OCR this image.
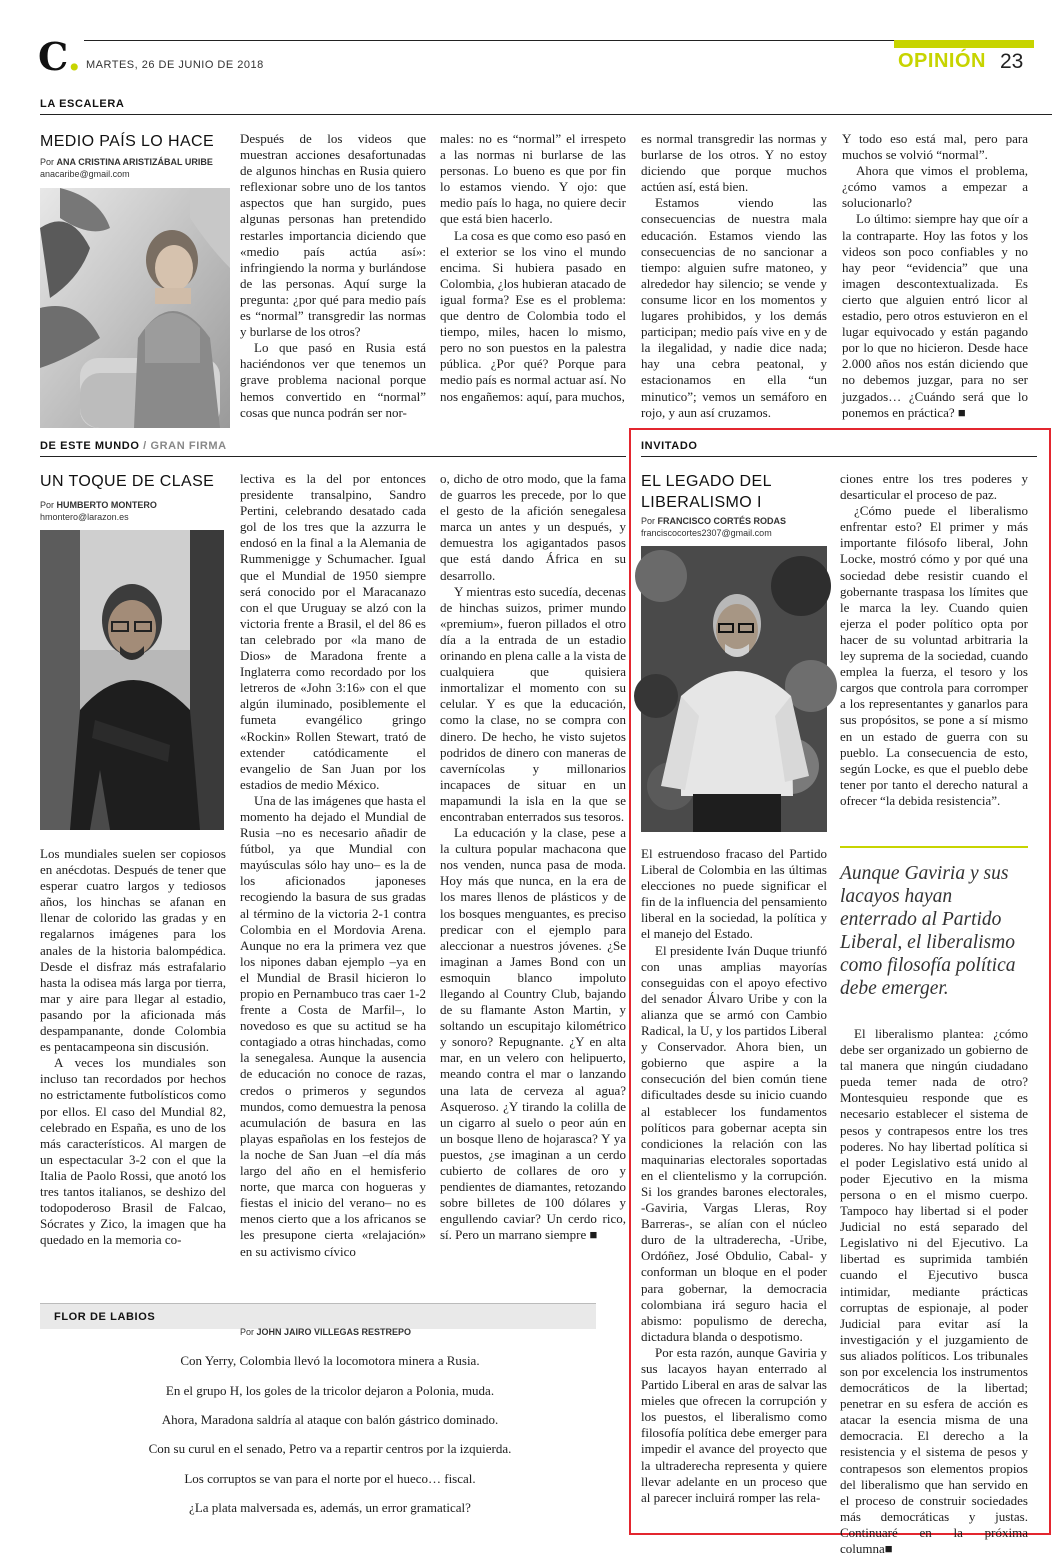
C. MARTES, 26 DE JUNIO DE 2018	OPINIÓN 23
LA ESCALERA
MEDIO PAÍS LO HACE
Por ANA CRISTINA ARISTIZÁBAL URIBE
anacaribe@gmail.com

Después de los videos que muestran acciones desafortunadas de algunos hinchas en Rusia quiero reflexionar sobre uno de los tantos aspectos que han surgido, pues algunas personas han pretendido restarles importancia diciendo que «medio país actúa así»: infringiendo la norma y burlándose de las personas. Aquí surge la pregunta: ¿por qué para medio país es “normal” transgredir las normas y burlarse de los otros?

Lo que pasó en Rusia está haciéndonos ver que tenemos un grave problema nacional porque hemos convertido en “normal” cosas que nunca podrán ser nor-

males: no es “normal” el irrespeto a las normas ni burlarse de las personas. Lo bueno es que por fin lo estamos viendo. Y ojo: que medio país lo haga, no quiere decir que está bien hacerlo.

La cosa es que como eso pasó en el exterior se los vino el mundo encima. Si hubiera pasado en Colombia, ¿los hubieran atacado de igual forma? Ese es el problema: que dentro de Colombia todo el tiempo, miles, hacen lo mismo, pero no son puestos en la palestra pública. ¿Por qué? Porque para medio país es normal actuar así. No nos engañemos: aquí, para muchos,

es normal transgredir las normas y burlarse de los otros. Y no estoy diciendo que porque muchos actúen así, está bien.

Estamos viendo las consecuencias de nuestra mala educación. Estamos viendo las consecuencias de no sancionar a tiempo: alguien sufre matoneo, y alrededor hay silencio; se vende y consume licor en los momentos y lugares prohibidos, y los demás participan; medio país vive en y de la ilegalidad, y nadie dice nada; hay una cebra peatonal, y estacionamos en ella “un minutico”; vemos un semáforo en rojo, y aun así cruzamos.

Y todo eso está mal, pero para muchos se volvió “normal”.

Ahora que vimos el problema, ¿cómo vamos a empezar a solucionarlo?

Lo último: siempre hay que oír a la contraparte. Hoy las fotos y los videos son poco confiables y no hay peor “evidencia” que una imagen descontextualizada. Es cierto que alguien entró licor al estadio, pero otros estuvieron en el lugar equivocado y están pagando por lo que no hicieron. Desde hace 2.000 años nos están diciendo que no debemos juzgar, para no ser juzgados… ¿Cuándo será que lo ponemos en práctica? ■

DE ESTE MUNDO / GRAN FIRMA
UN TOQUE DE CLASE
Por HUMBERTO MONTERO
hmontero@larazon.es

Los mundiales suelen ser copiosos en anécdotas. Después de tener que esperar cuatro largos y tediosos años, los hinchas se afanan en llenar de colorido las gradas y en regalarnos imágenes para los anales de la historia balompédica. Desde el disfraz más estrafalario hasta la odisea más larga por tierra, mar y aire para llegar al estadio, pasando por la aficionada más despampanante, donde Colombia es pentacampeona sin discusión.

A veces los mundiales son incluso tan recordados por hechos no estrictamente futbolísticos como por ellos. El caso del Mundial 82, celebrado en España, es uno de los más característicos. Al margen de un espectacular 3-2 con el que la Italia de Paolo Rossi, que anotó los tres tantos italianos, se deshizo del todopoderoso Brasil de Falcao, Sócrates y Zico, la imagen que ha quedado en la memoria co-

lectiva es la del por entonces presidente transalpino, Sandro Pertini, celebrando desatado cada gol de los tres que la azzurra le endosó en la final a la Alemania de Rummenigge y Schumacher. Igual que el Mundial de 1950 siempre será conocido por el Maracanazo con el que Uruguay se alzó con la victoria frente a Brasil, el del 86 es tan celebrado por «la mano de Dios» de Maradona frente a Inglaterra como recordado por los letreros de «John 3:16» con el que algún iluminado, posiblemente el fumeta evangélico gringo «Rockin» Rollen Stewart, trató de extender catódicamente el evangelio de San Juan por los estadios de medio México.

Una de las imágenes que hasta el momento ha dejado el Mundial de Rusia –no es necesario añadir de fútbol, ya que Mundial con mayúsculas sólo hay uno– es la de los aficionados japoneses recogiendo la basura de sus gradas al término de la victoria 2-1 contra Colombia en el Mordovia Arena. Aunque no era la primera vez que los nipones daban ejemplo –ya en el Mundial de Brasil hicieron lo propio en Pernambuco tras caer 1-2 frente a Costa de Marfil–, lo novedoso es que su actitud se ha contagiado a otras hinchadas, como la senegalesa. Aunque la ausencia de educación no conoce de razas, credos o primeros y segundos mundos, como demuestra la penosa acumulación de basura en las playas españolas en los festejos de la noche de San Juan –el día más largo del año en el hemisferio norte, que marca con hogueras y fiestas el inicio del verano– no es menos cierto que a los africanos se les presupone cierta «relajación» en su activismo cívico

o, dicho de otro modo, que la fama de guarros les precede, por lo que el gesto de la afición senegalesa marca un antes y un después, y demuestra los agigantados pasos que está dando África en su desarrollo.

Y mientras esto sucedía, decenas de hinchas suizos, primer mundo «premium», fueron pillados el otro día a la entrada de un estadio orinando en plena calle a la vista de cualquiera que quisiera inmortalizar el momento con su celular. Y es que la educación, como la clase, no se compra con dinero. De hecho, he visto sujetos podridos de dinero con maneras de cavernícolas y millonarios incapaces de situar en un mapamundi la isla en la que se encontraban enterrados sus tesoros.

La educación y la clase, pese a la cultura popular machacona que nos venden, nunca pasa de moda. Hoy más que nunca, en la era de los mares llenos de plásticos y de los bosques menguantes, es preciso predicar con el ejemplo para aleccionar a nuestros jóvenes. ¿Se imaginan a James Bond con un esmoquin blanco impoluto llegando al Country Club, bajando de su flamante Aston Martin, y soltando un escupitajo kilométrico y sonoro? Repugnante. ¿Y en alta mar, en un velero con helipuerto, meando contra el mar o lanzando una lata de cerveza al agua? Asqueroso. ¿Y tirando la colilla de un cigarro al suelo o peor aún en un bosque lleno de hojarasca? Y ya puestos, ¿se imaginan a un cerdo cubierto de collares de oro y pendientes de diamantes, retozando sobre billetes de 100 dólares y engullendo caviar? Un cerdo rico, sí. Pero un marrano siempre ■

INVITADO
EL LEGADO DEL
LIBERALISMO I
Por FRANCISCO CORTÉS RODAS
franciscocortes2307@gmail.com

El estruendoso fracaso del Partido Liberal de Colombia en las últimas elecciones no puede significar el fin de la influencia del pensamiento liberal en la sociedad, la política y el manejo del Estado.

El presidente Iván Duque triunfó con unas amplias mayorías conseguidas con el apoyo efectivo del senador Álvaro Uribe y con la alianza que se armó con Cambio Radical, la U, y los partidos Liberal y Conservador. Ahora bien, un gobierno que aspire a la consecución del bien común tiene dificultades desde su inicio cuando al establecer los fundamentos políticos para gobernar acepta sin condiciones la relación con las maquinarias electorales soportadas en el clientelismo y la corrupción. Si los grandes barones electorales, -Gaviria, Vargas Lleras, Roy Barreras-, se alían con el núcleo duro de la ultraderecha, -Uribe, Ordóñez, José Obdulio, Cabal- y conforman un bloque en el poder para gobernar, la democracia colombiana irá seguro hacia el abismo: populismo de derecha, dictadura blanda o despotismo.

Por esta razón, aunque Gaviria y sus lacayos hayan enterrado al Partido Liberal en aras de salvar las mieles que ofrecen la corrupción y los puestos, el liberalismo como filosofía política debe emerger para impedir el avance del proyecto que la ultraderecha representa y quiere llevar adelante en un proceso que al parecer incluirá romper las rela-

ciones entre los tres poderes y desarticular el proceso de paz.

¿Cómo puede el liberalismo enfrentar esto? El primer y más importante filósofo liberal, John Locke, mostró cómo y por qué una sociedad debe resistir cuando el gobernante traspasa los límites que le marca la ley. Cuando quien ejerza el poder político opta por hacer de su voluntad arbitraria la ley suprema de la sociedad, cuando emplea la fuerza, el tesoro y los cargos que controla para corromper a los representantes y ganarlos para sus propósitos, se pone a sí mismo en un estado de guerra con su pueblo. La consecuencia de esto, según Locke, es que el pueblo debe tener por tanto el derecho natural a ofrecer “la debida resistencia”.

Aunque Gaviria y sus lacayos hayan enterrado al Partido Liberal, el liberalismo como filosofía política debe emerger.

El liberalismo plantea: ¿cómo debe ser organizado un gobierno de tal manera que ningún ciudadano pueda temer nada de otro? Montesquieu responde que es necesario establecer el sistema de pesos y contrapesos entre los tres poderes. No hay libertad política si el poder Legislativo está unido al poder Ejecutivo en la misma persona o en el mismo cuerpo. Tampoco hay libertad si el poder Judicial no está separado del Legislativo ni del Ejecutivo. La libertad es suprimida también cuando el Ejecutivo busca intimidar, mediante prácticas corruptas de espionaje, al poder Judicial para evitar así la investigación y el juzgamiento de sus aliados políticos. Los tribunales son por excelencia los instrumentos democráticos de la libertad; penetrar en su esfera de acción es atacar la esencia misma de una democracia. El derecho a la resistencia y el sistema de pesos y contrapesos son elementos propios del liberalismo que han servido en el proceso de construir sociedades más democráticas y justas. Continuaré en la próxima columna■

FLOR DE LABIOS
Por JOHN JAIRO VILLEGAS RESTREPO
Con Yerry, Colombia llevó la locomotora minera a Rusia.
En el grupo H, los goles de la tricolor dejaron a Polonia, muda.
Ahora, Maradona saldría al ataque con balón gástrico dominado.
Con su curul en el senado, Petro va a repartir centros por la izquierda.
Los corruptos se van para el norte por el hueco… fiscal.
¿La plata malversada es, además, un error gramatical?
